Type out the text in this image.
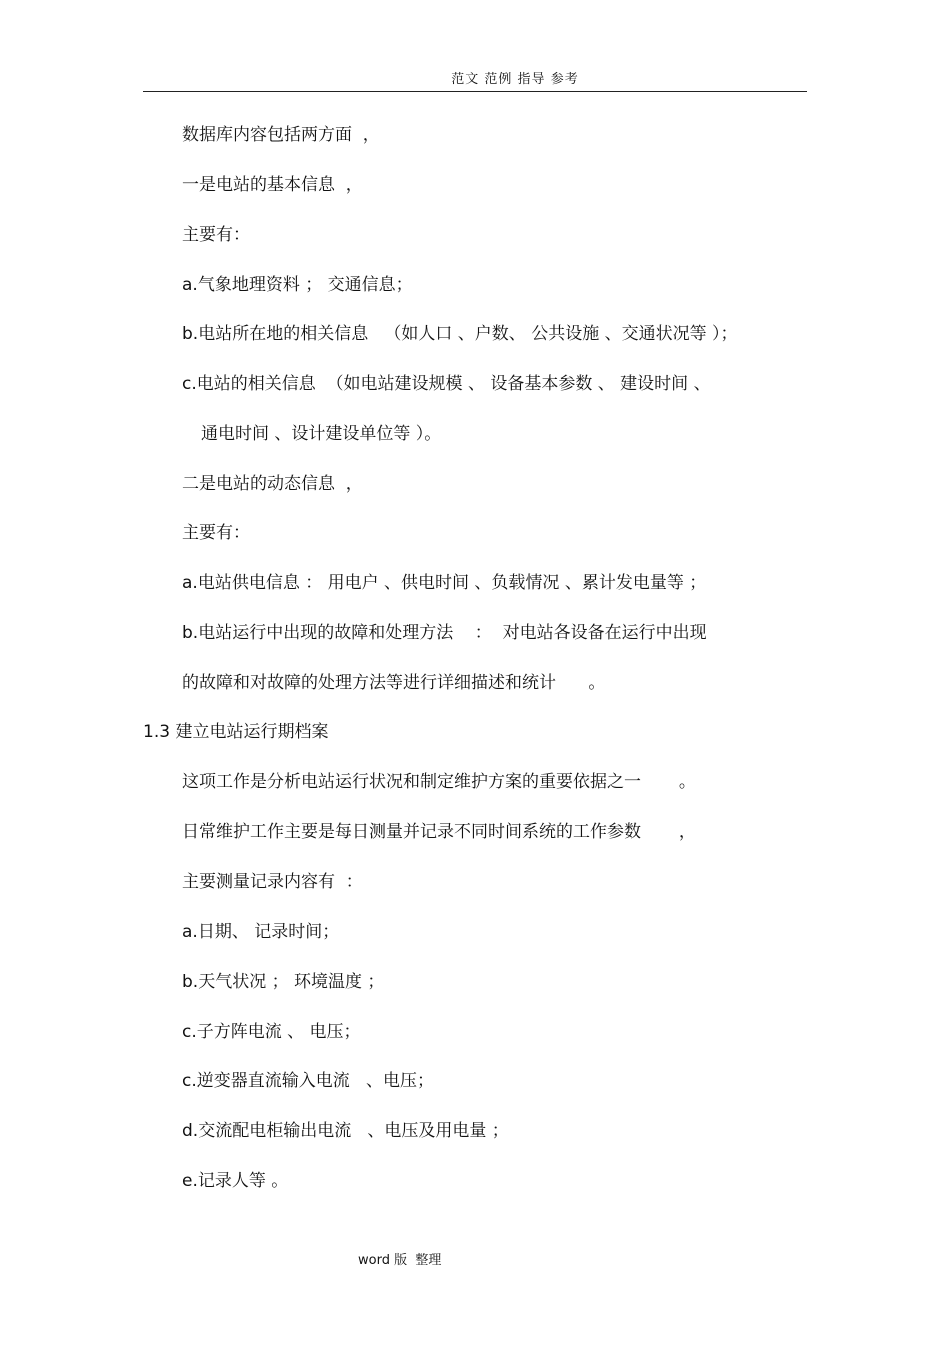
范文 范例 指导 参考
数据库内容包括两方面  ，
一是电站的基本信息  ，
主要有：
a.气象地理资料 ； 交通信息；
b.电站所在地的相关信息   （如人口 、户数、 公共设施 、交通状况等 ）；
c.电站的相关信息  （如电站建设规模 、 设备基本参数 、 建设时间 、
通电时间 、设计建设单位等 ）。
二是电站的动态信息  ，
主要有：
a.电站供电信息 ： 用电户 、供电时间 、负载情况 、累计发电量等 ；
b.电站运行中出现的故障和处理方法    ：  对电站各设备在运行中出现
的故障和对故障的处理方法等进行详细描述和统计      。
1.3 建立电站运行期档案
这项工作是分析电站运行状况和制定维护方案的重要依据之一       。
日常维护工作主要是每日测量并记录不同时间系统的工作参数       ，
主要测量记录内容有  ：
a.日期、 记录时间；
b.天气状况 ； 环境温度 ；
c.子方阵电流 、 电压；
c.逆变器直流输入电流   、电压；
d.交流配电柜输出电流   、电压及用电量 ；
e.记录人等 。
word 版  整理
